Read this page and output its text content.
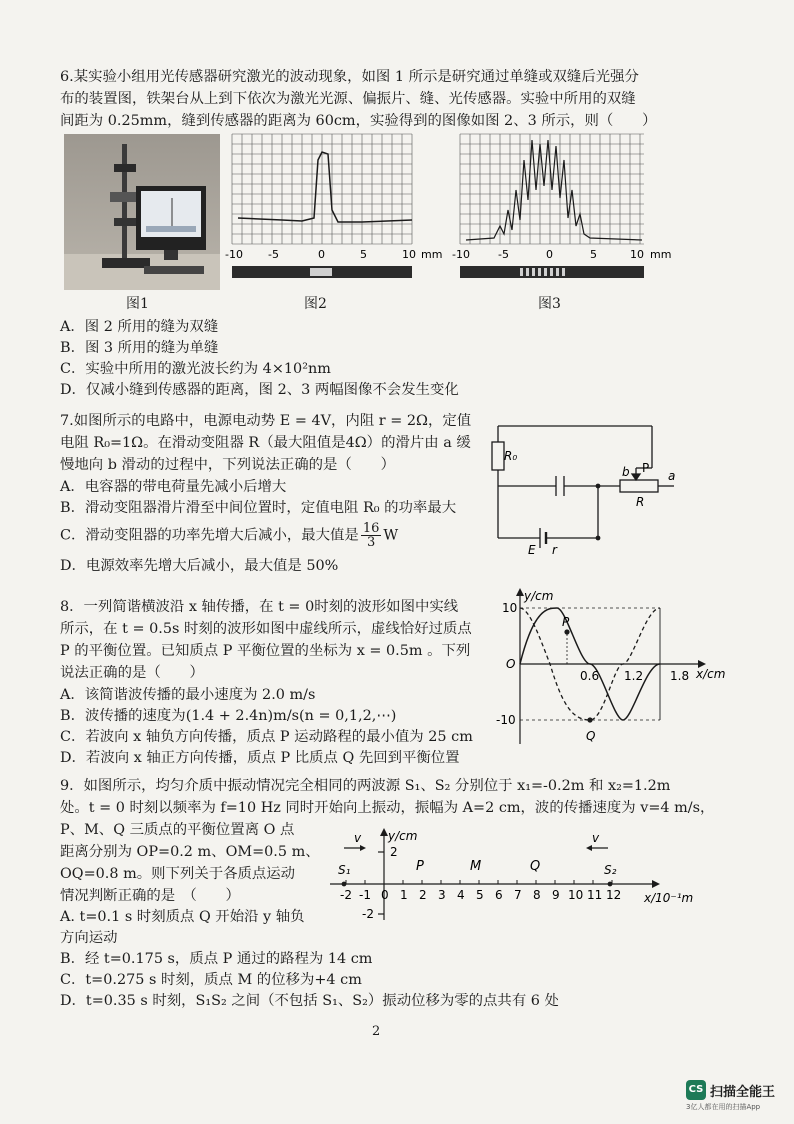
6.某实验小组用光传感器研究激光的波动现象，如图 1 所示是研究通过单缝或双缝后光强分
布的装置图，铁架台从上到下依次为激光光源、偏振片、缝、光传感器。实验中所用的双缝
间距为 0.25mm，缝到传感器的距离为 60cm，实验得到的图像如图 2、3 所示，则（　　）
图1
-10 -5	0	5	10 mm
图2
-10	-5	0	5	10 mm
图3
A．图 2 所用的缝为双缝
B．图 3 所用的缝为单缝
C．实验中所用的激光波长约为 4×10²nm
D．仅减小缝到传感器的距离，图 2、3 两幅图像不会发生变化
7.如图所示的电路中，电源电动势 E = 4V，内阻 r = 2Ω，定值
电阻 R₀=1Ω。在滑动变阻器 R（最大阻值是4Ω）的滑片由 a 缓
慢地向 b 滑动的过程中，下列说法正确的是（　　）
A．电容器的带电荷量先减小后增大
B．滑动变阻器滑片滑至中间位置时，定值电阻 R₀ 的功率最大
C．滑动变阻器的功率先增大后减小，最大值是 $\frac{16}{3}$ W
D．电源效率先增大后减小，最大值是 50%
R₀
b P
a
R
E r
8．一列简谐横波沿 x 轴传播，在 t = 0时刻的波形如图中实线
所示，在 t = 0.5s 时刻的波形如图中虚线所示，虚线恰好过质点
P 的平衡位置。已知质点 P 平衡位置的坐标为 x = 0.5m 。下列
说法正确的是（　　）
A．该简谐波传播的最小速度为 2.0 m/s
B．波传播的速度为(1.4 + 2.4n)m/s(n = 0,1,2,⋯)
C．若波向 x 轴负方向传播，质点 P 运动路程的最小值为 25 cm
D．若波向 x 轴正方向传播，质点 P 比质点 Q 先回到平衡位置
y/cm
x/cm
10
-10
O
0.6 1.2 1.8
P
Q
9．如图所示，均匀介质中振动情况完全相同的两波源 S₁、S₂ 分别位于 x₁=-0.2m 和 x₂=1.2m
处。t = 0 时刻以频率为 f=10 Hz 同时开始向上振动，振幅为 A=2 cm，波的传播速度为 v=4 m/s，
P、M、Q 三质点的平衡位置离 O 点
距离分别为 OP=0.2 m、OM=0.5 m、
OQ=0.8 m。则下列关于各质点运动
情况判断正确的是　（　　）
A. t=0.1 s 时刻质点 Q 开始沿 y 轴负
方向运动
B．经 t=0.175 s，质点 P 通过的路程为 14 cm
C．t=0.275 s 时刻，质点 M 的位移为+4 cm
D．t=0.35 s 时刻，S₁S₂ 之间（不包括 S₁、S₂）振动位移为零的点共有 6 处
y/cm
x/10⁻¹m
2
-2
v	v
S₁	S₂
P	M	Q
-2 -1 0 1 2 3 4 5 6 7 8 9 10 11 12
2
CS 扫描全能王
3亿人都在用的扫描App
